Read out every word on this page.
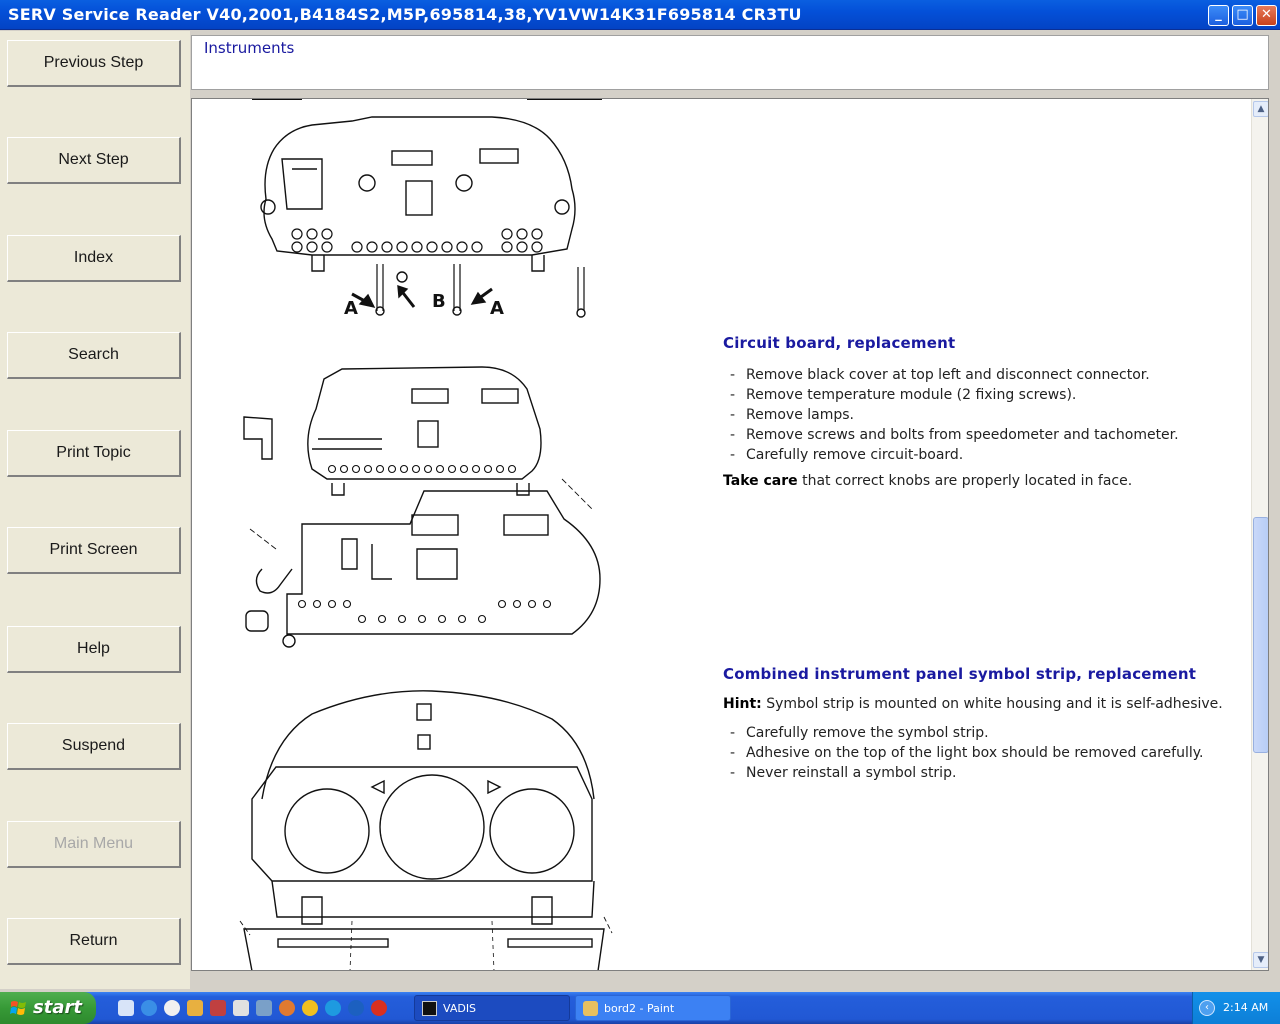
SERV Service Reader V40,2001,B4184S2,M5P,695814,38,YV1VW14K31F695814 CR3TU	_	□ ✕
Previous Step
Next Step
Index
Search
Print Topic
Print Screen
Help
Suspend
Main Menu
Return
Instruments
A	B A
Circuit board, replacement
- Remove black cover at top left and disconnect connector.
- Remove temperature module (2 fixing screws).
- Remove lamps.
- Remove screws and bolts from speedometer and tachometer.
- Carefully remove circuit-board.
Take care that correct knobs are properly located in face.
Combined instrument panel symbol strip, replacement
Hint: Symbol strip is mounted on white housing and it is self-adhesive.
- Carefully remove the symbol strip.
- Adhesive on the top of the light box should be removed carefully.
- Never reinstall a symbol strip.
▲
▼
start	VADIS	bord2 - Paint	‹	2:14 AM
